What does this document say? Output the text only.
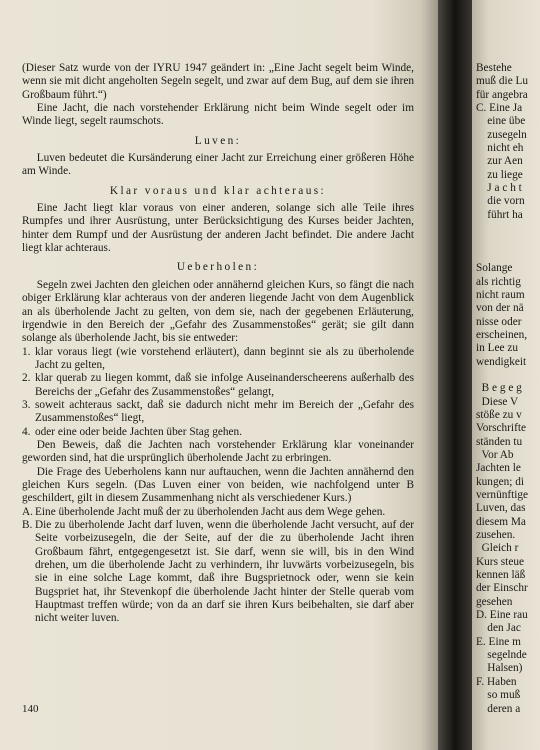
(Dieser Satz wurde von der IYRU 1947 geändert in: „Eine Jacht segelt beim Winde, wenn sie mit dicht angeholten Segeln segelt, und zwar auf dem Bug, auf dem sie ihren Großbaum führt.“)

Eine Jacht, die nach vorstehender Erklärung nicht beim Winde segelt oder im Winde liegt, segelt raumschots.

Luven:

Luven bedeutet die Kursänderung einer Jacht zur Erreichung einer größeren Höhe am Winde.

Klar voraus und klar achteraus:

Eine Jacht liegt klar voraus von einer anderen, solange sich alle Teile ihres Rumpfes und ihrer Ausrüstung, unter Berücksichtigung des Kurses beider Jachten, hinter dem Rumpf und der Ausrüstung der anderen Jacht befindet. Die andere Jacht liegt klar achteraus.

Ueberholen:

Segeln zwei Jachten den gleichen oder annähernd gleichen Kurs, so fängt die nach obiger Erklärung klar achteraus von der anderen liegende Jacht von dem Augenblick an als überholende Jacht zu gelten, von dem sie, nach der gegebenen Erläuterung, irgendwie in den Bereich der „Gefahr des Zusammenstoßes“ gerät; sie gilt dann solange als überholende Jacht, bis sie entweder:

1. klar voraus liegt (wie vorstehend erläutert), dann beginnt sie als zu überholende Jacht zu gelten,

2. klar querab zu liegen kommt, daß sie infolge Auseinanderscheerens außerhalb des Bereichs der „Gefahr des Zusammenstoßes“ gelangt,

3. soweit achteraus sackt, daß sie dadurch nicht mehr im Bereich der „Gefahr des Zusammenstoßes“ liegt,

4. oder eine oder beide Jachten über Stag gehen.

Den Beweis, daß die Jachten nach vorstehender Erklärung klar voneinander geworden sind, hat die ursprünglich überholende Jacht zu erbringen.

Die Frage des Ueberholens kann nur auftauchen, wenn die Jachten annähernd den gleichen Kurs segeln. (Das Luven einer von beiden, wie nachfolgend unter B geschildert, gilt in diesem Zusammenhang nicht als verschiedener Kurs.)

A. Eine überholende Jacht muß der zu überholenden Jacht aus dem Wege gehen.

B. Die zu überholende Jacht darf luven, wenn die überholende Jacht versucht, auf der Seite vorbeizusegeln, die der Seite, auf der die zu überholende Jacht ihren Großbaum fährt, entgegengesetzt ist. Sie darf, wenn sie will, bis in den Wind drehen, um die überholende Jacht zu verhindern, ihr luvwärts vorbeizusegeln, bis sie in eine solche Lage kommt, daß ihre Bugsprietnock oder, wenn sie kein Bugspriet hat, ihr Stevenkopf die überholende Jacht hinter der Stelle querab vom Hauptmast treffen würde; von da an darf sie ihren Kurs beibehalten, sie darf aber nicht weiter luven.

140
Bestehe
muß die Lu
für angebra
C. Eine Ja
eine übe
zusegeln
nicht eh
zur Aen
zu liege
J a c h t
die vorn
führt ha
Solange
als richtig
nicht raum
von der nä
nisse oder
erscheinen,
in Lee zu
wendigkeit
B e g e g
Diese V
stöße zu v
Vorschrifte
ständen tu
Vor Ab
Jachten le
kungen; di
vernünftige
Luven, das
diesem Ma
zusehen.
Gleich r
Kurs steue
kennen läß
der Einschr
gesehen
D. Eine rau
den Jac
E. Eine m
segelnde
Halsen)
F. Haben
so muß
deren a
